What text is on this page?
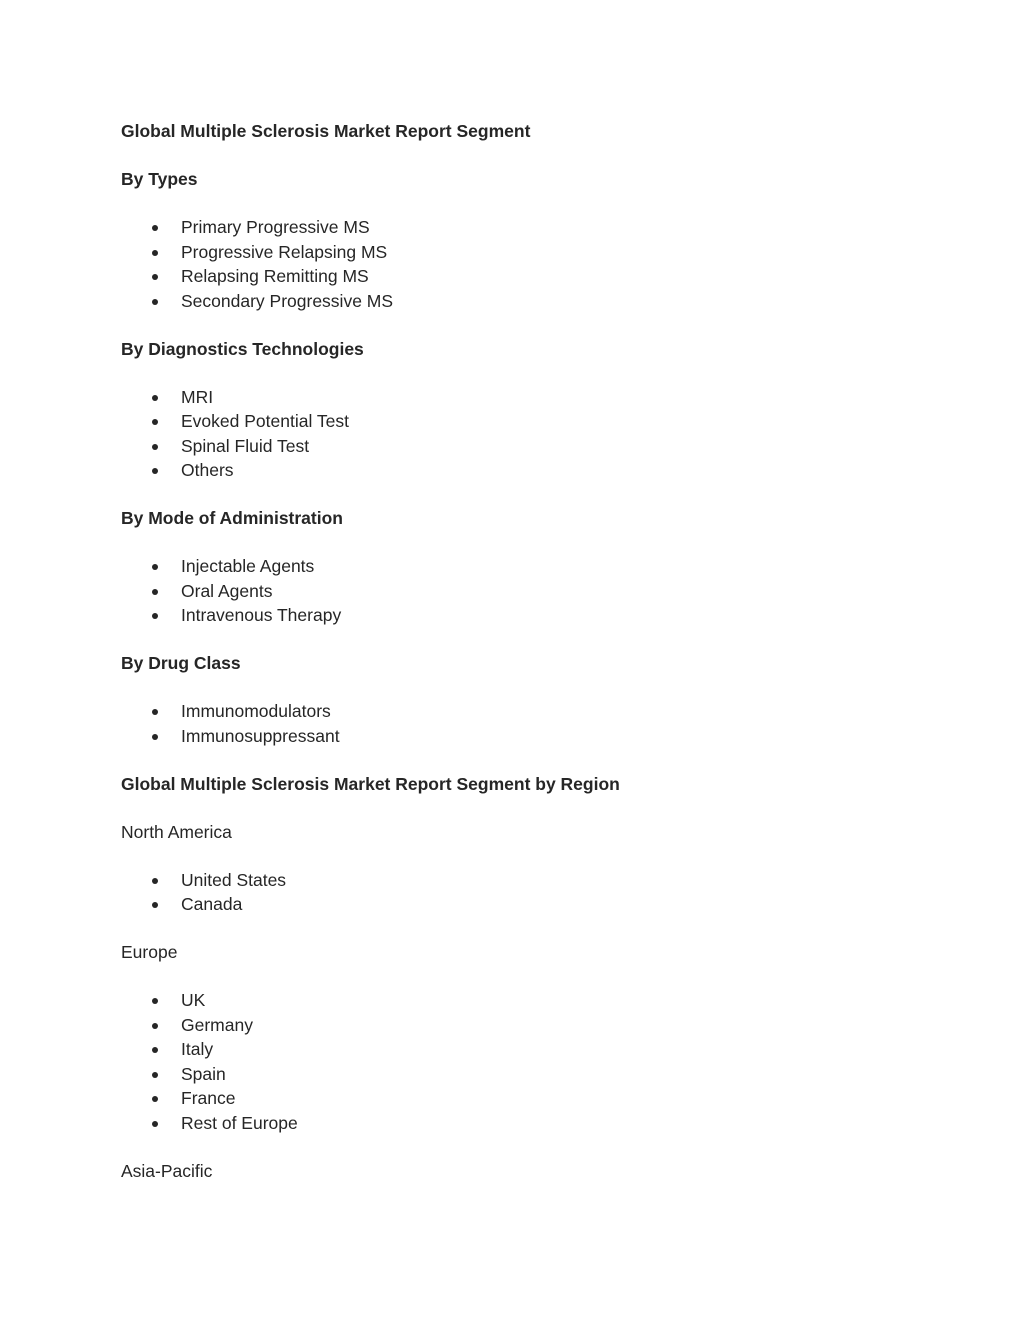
Global Multiple Sclerosis Market Report Segment
By Types
Primary Progressive MS
Progressive Relapsing MS
Relapsing Remitting MS
Secondary Progressive MS
By Diagnostics Technologies
MRI
Evoked Potential Test
Spinal Fluid Test
Others
By Mode of Administration
Injectable Agents
Oral Agents
Intravenous Therapy
By Drug Class
Immunomodulators
Immunosuppressant
Global Multiple Sclerosis Market Report Segment by Region
North America
United States
Canada
Europe
UK
Germany
Italy
Spain
France
Rest of Europe
Asia-Pacific
